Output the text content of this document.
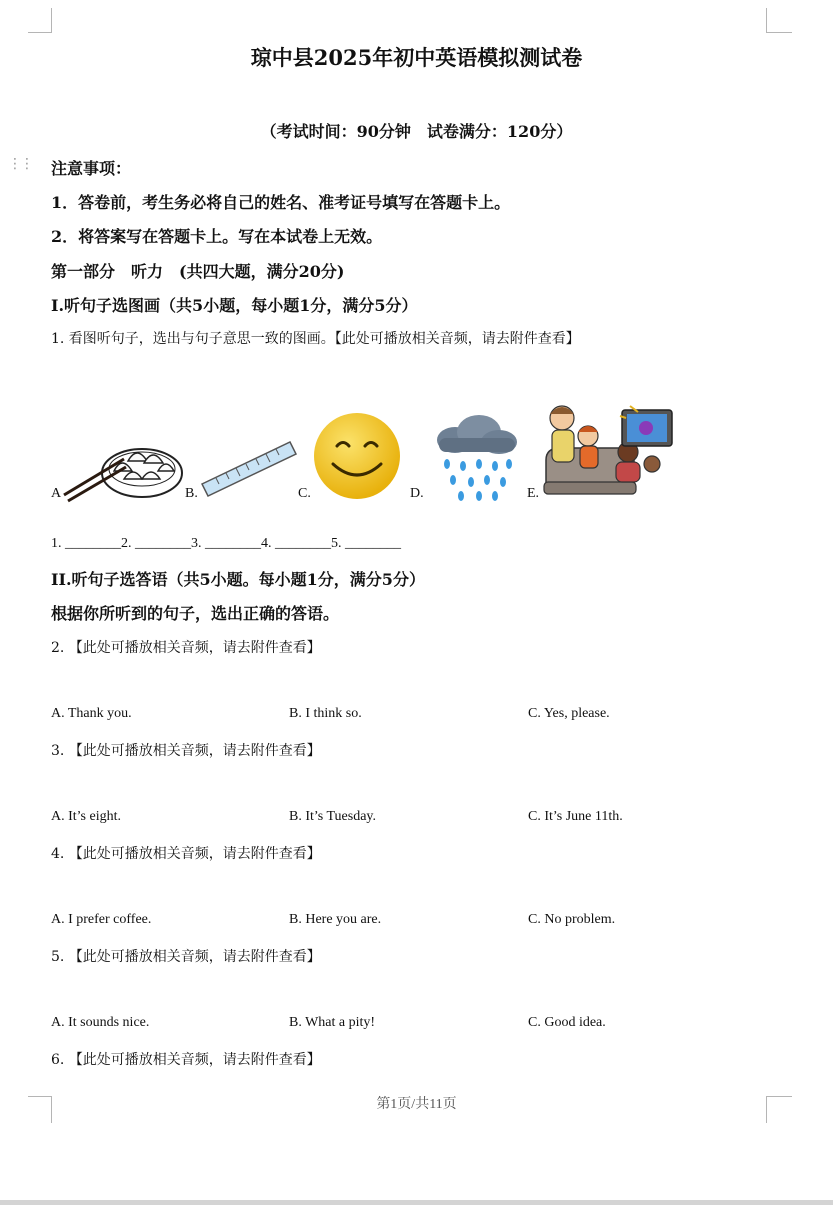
⋮⋮
琼中县2025年初中英语模拟测试卷
（考试时间：90分钟　试卷满分：120分）
注意事项：
1．答卷前，考生务必将自己的姓名、准考证号填写在答题卡上。
2．将答案写在答题卡上。写在本试卷上无效。
第一部分　听力　(共四大题，满分20分)
I.听句子选图画（共5小题，每小题1分，满分5分）
1. 看图听句子，选出与句子意思一致的图画。【此处可播放相关音频，请去附件查看】
A	B.	C.	D.	E.
1. ________2. ________3. ________4. ________5. ________
II.听句子选答语（共5小题。每小题1分，满分5分）
根据你所听到的句子，选出正确的答语。
2. 【此处可播放相关音频，请去附件查看】
A. Thank you.	B. I think so.	C. Yes, please.
3. 【此处可播放相关音频，请去附件查看】
A. It’s eight.	B. It’s Tuesday.	C. It’s June 11th.
4. 【此处可播放相关音频，请去附件查看】
A. I prefer coffee.	B. Here you are.	C. No problem.
5. 【此处可播放相关音频，请去附件查看】
A. It sounds nice.	B. What a pity!	C. Good idea.
6. 【此处可播放相关音频，请去附件查看】
第1页/共11页
